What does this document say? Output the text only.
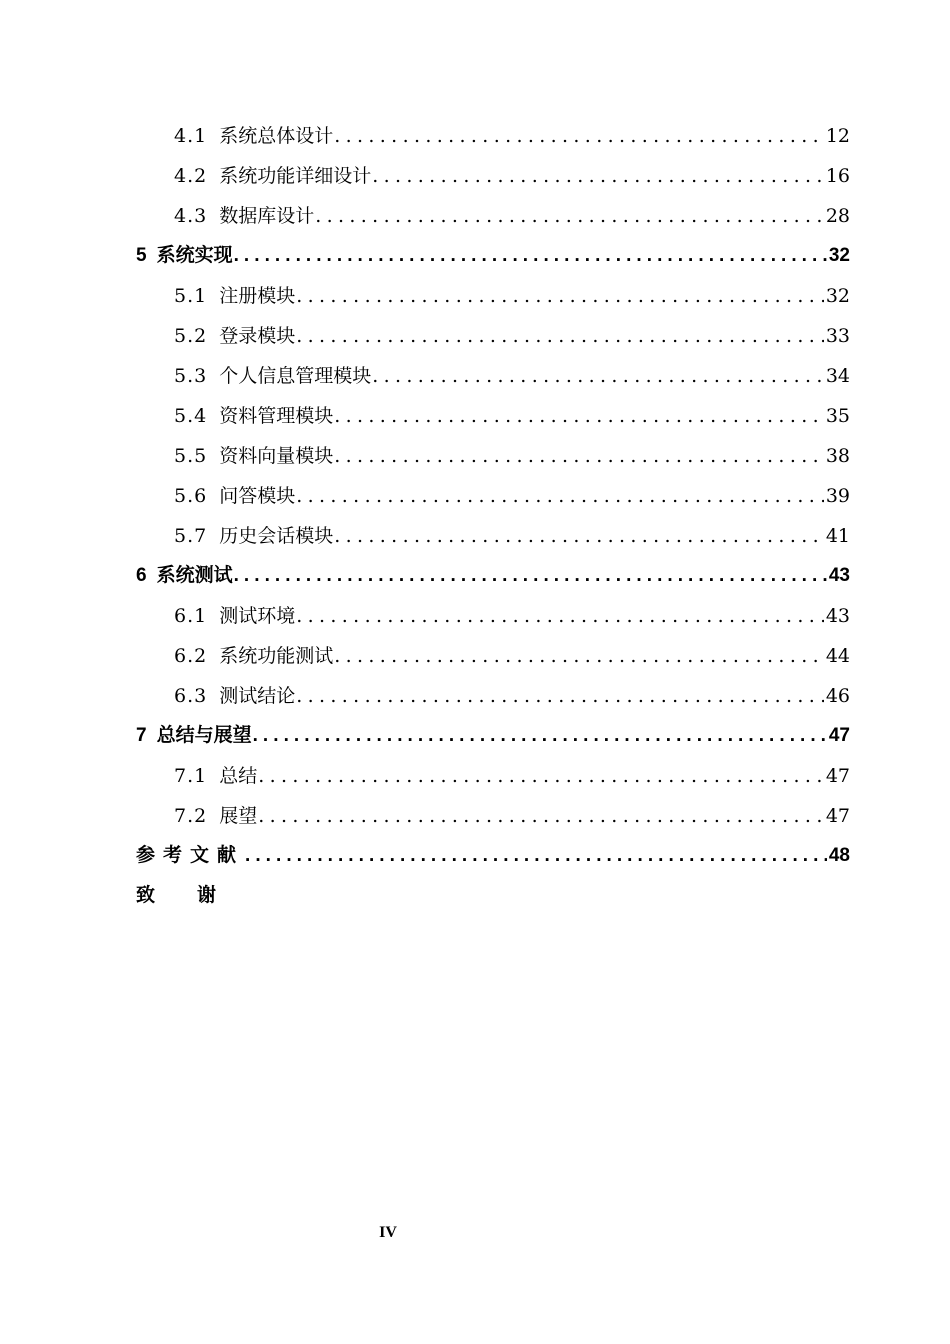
4.1 系统总体设计 .....	12
4.2 系统功能详细设计 .....	16
4.3 数据库设计 .....	28
5 系统实现 .....	32
5.1 注册模块 .....	32
5.2 登录模块 .....	33
5.3 个人信息管理模块 .....	34
5.4 资料管理模块 .....	35
5.5 资料向量模块 .....	38
5.6 问答模块 .....	39
5.7 历史会话模块 .....	41
6 系统测试 .....	43
6.1 测试环境 .....	43
6.2 系统功能测试 .....	44
6.3 测试结论 .....	46
7 总结与展望 .....	47
7.1 总结 .....	47
7.2 展望 .....	47
参考文献 .....	48
致 谢
IV
